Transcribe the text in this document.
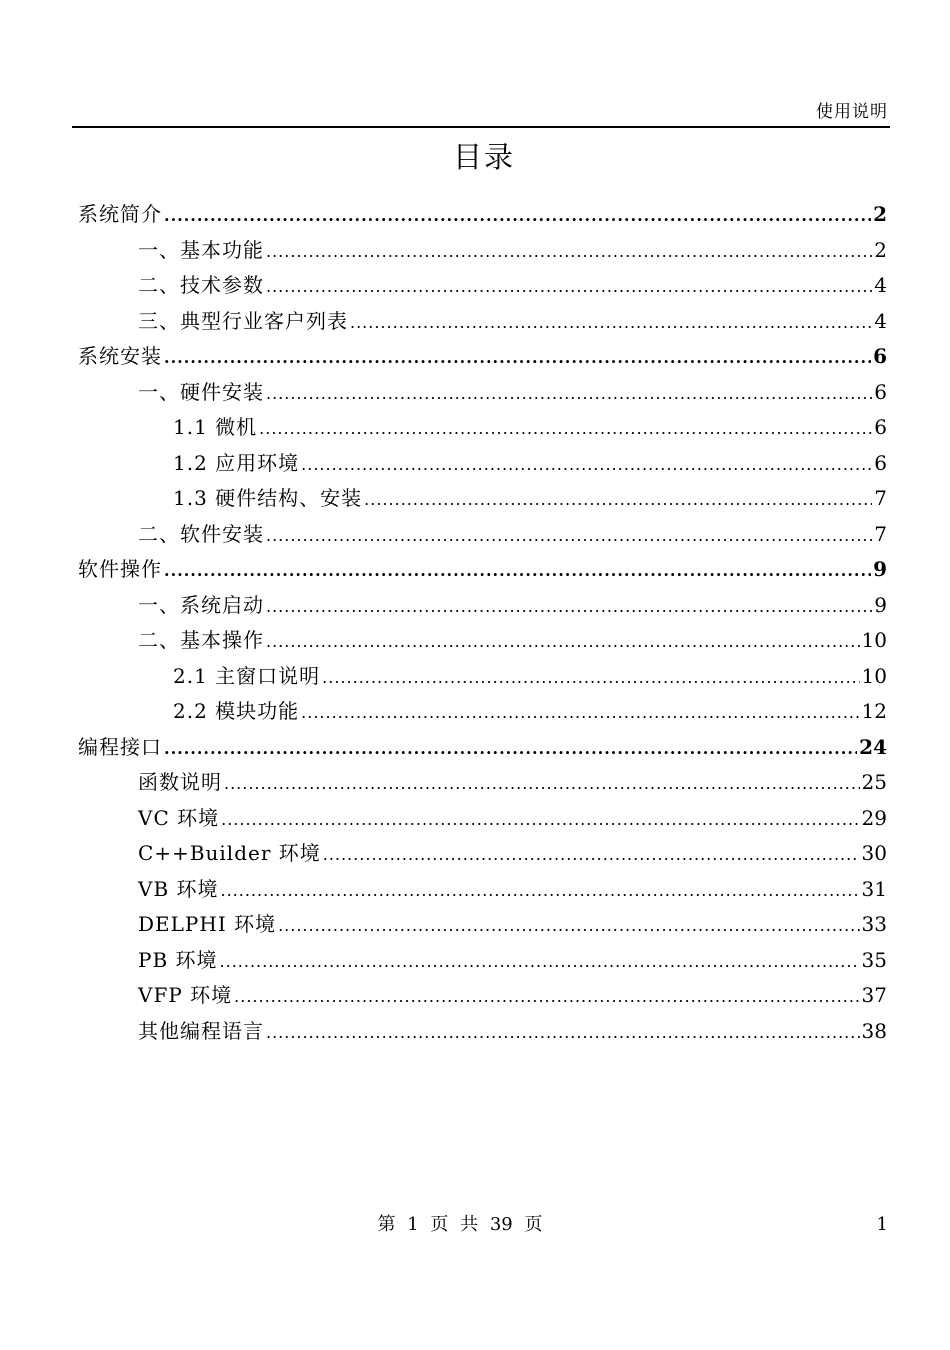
使用说明
目录
系统简介 .....	2
一、基本功能 .....	2
二、技术参数 .....	4
三、典型行业客户列表 .....	4
系统安装 .....	6
一、硬件安装 .....	6
1.1 微机 .....	6
1.2 应用环境 .....	6
1.3 硬件结构、安装 .....	7
二、软件安装 .....	7
软件操作 .....	9
一、系统启动 .....	9
二、基本操作 .....	10
2.1 主窗口说明 .....	10
2.2 模块功能 .....	12
编程接口 .....	24
函数说明 .....	25
VC 环境 .....	29
C++Builder 环境 .....	30
VB 环境 .....	31
DELPHI 环境 .....	33
PB 环境 .....	35
VFP 环境 .....	37
其他编程语言 .....	38
第 1 页 共 39 页	1
